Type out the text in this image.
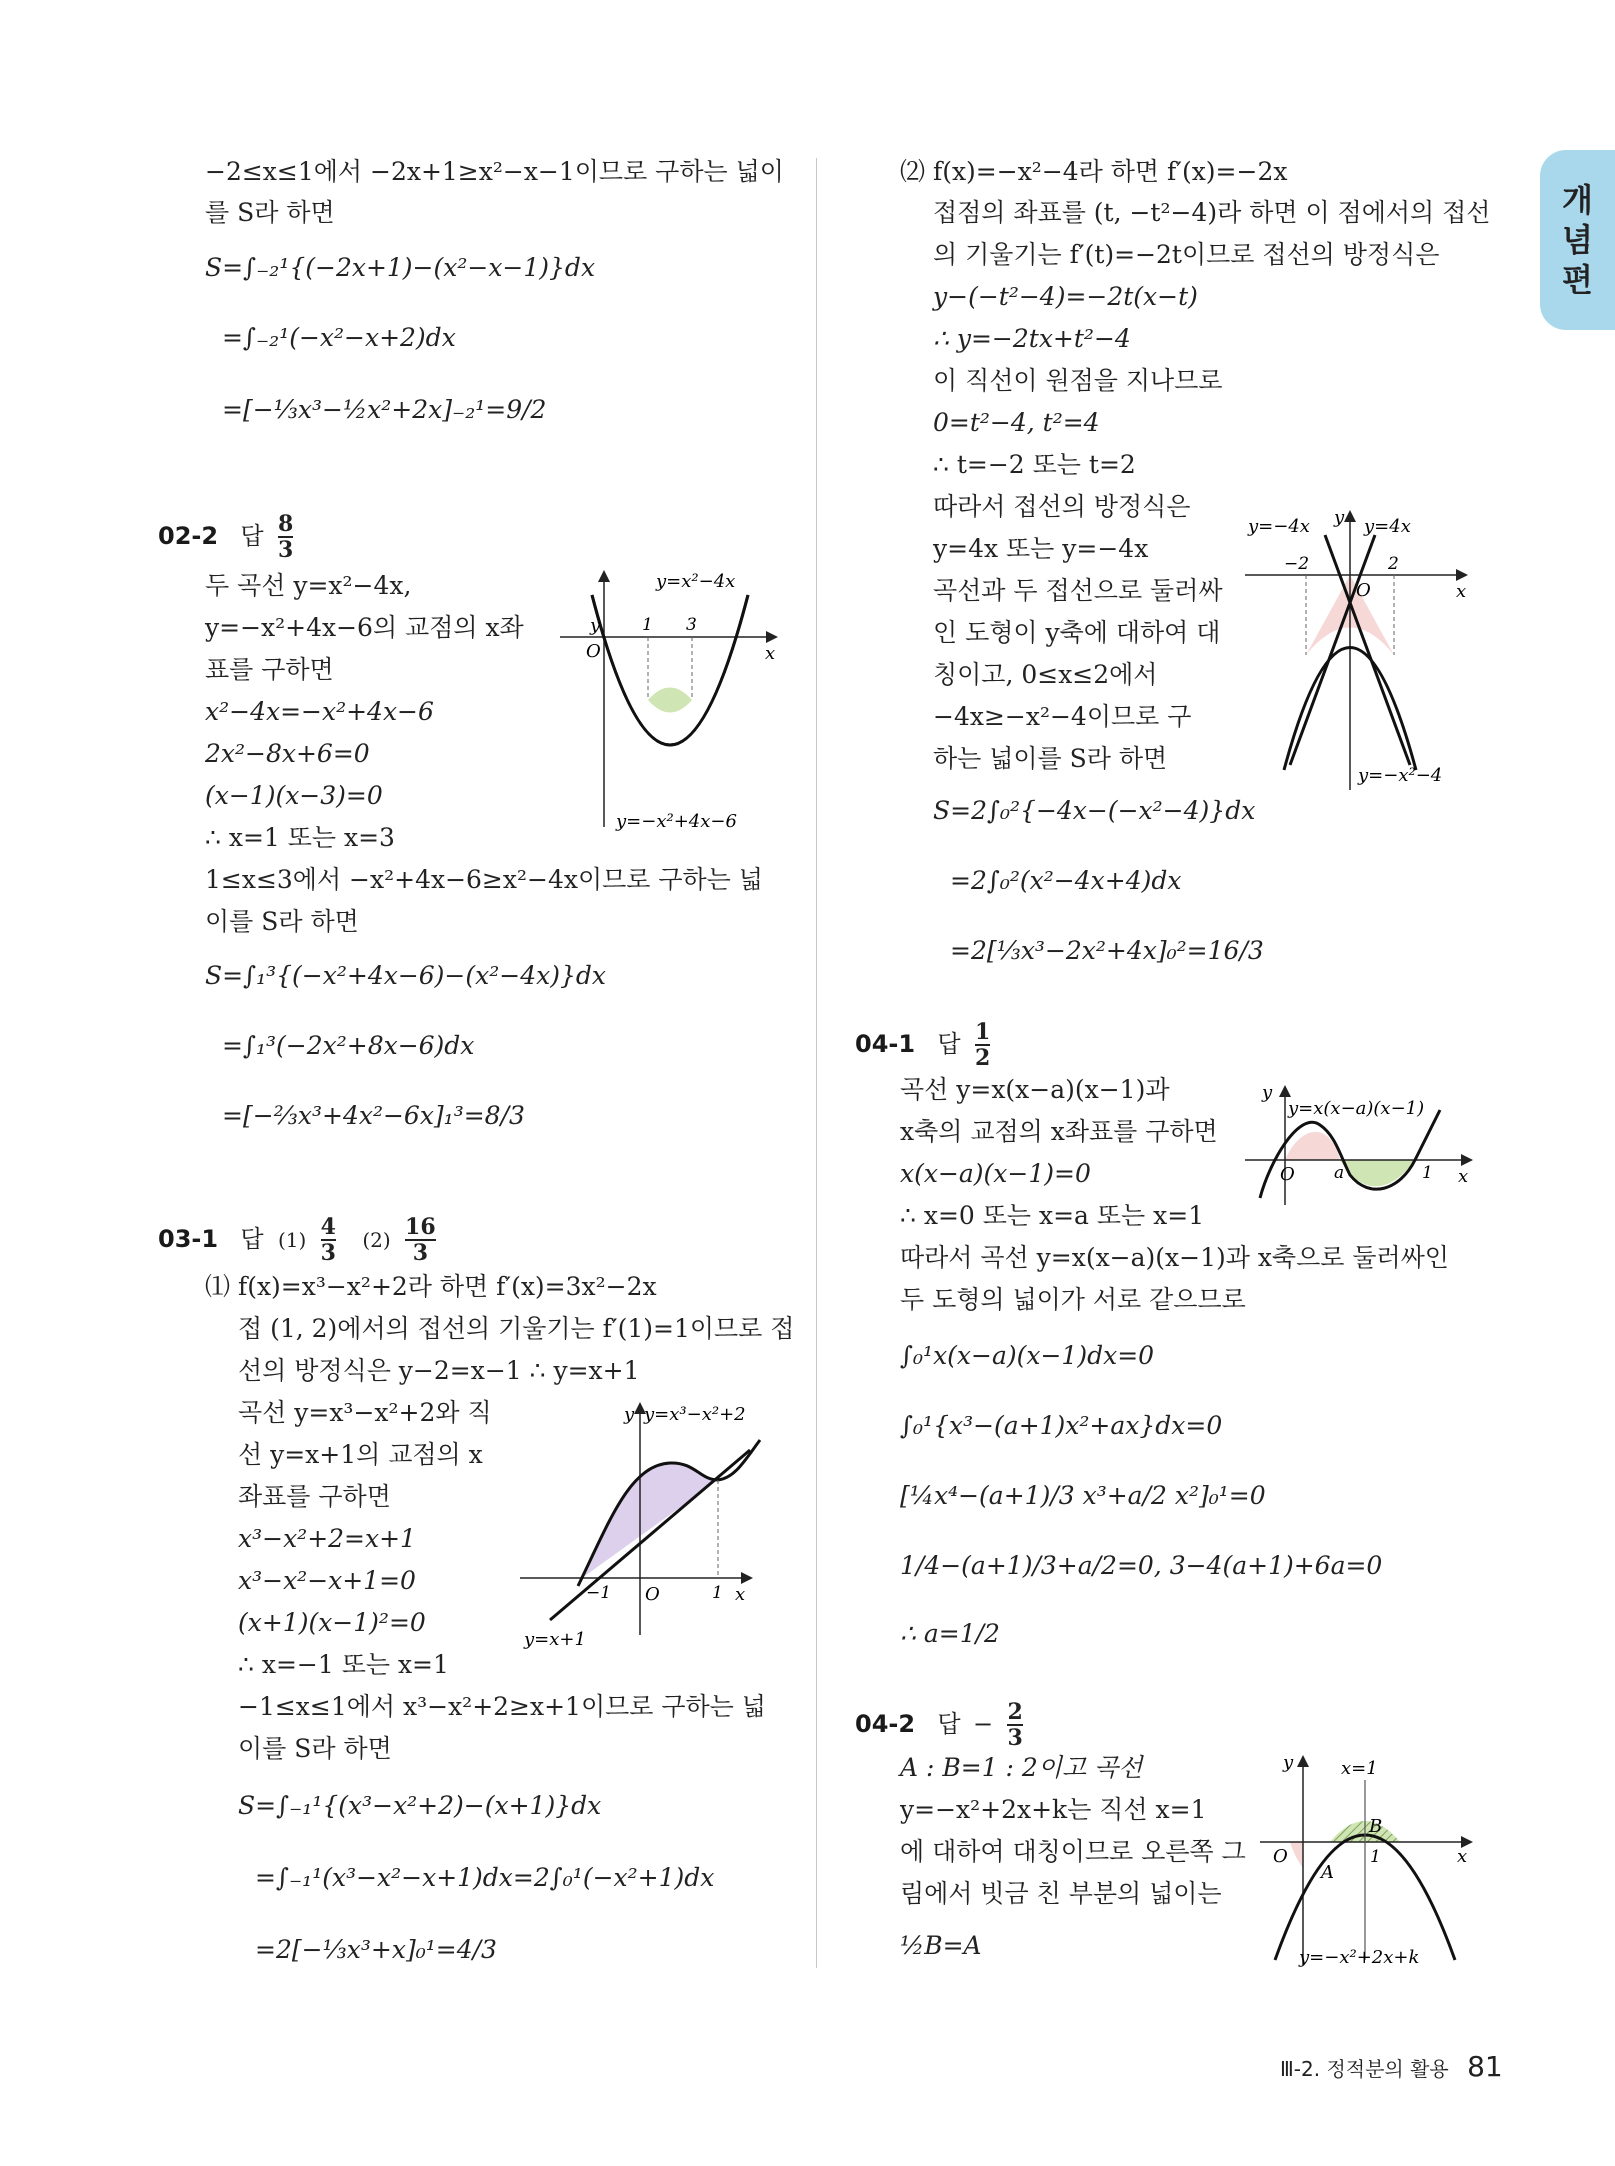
개
념
편
−2≤x≤1에서 −2x+1≥x²−x−1이므로 구하는 넓이
를 S라 하면
S=∫₋₂¹{(−2x+1)−(x²−x−1)}dx
=∫₋₂¹(−x²−x+2)dx
=[−⅓x³−½x²+2x]₋₂¹=9/2
02-2 답 $\frac{8}{3}$
두 곡선 y=x²−4x,
y=−x²+4x−6의 교점의 x좌
표를 구하면
x²−4x=−x²+4x−6
2x²−8x+6=0
(x−1)(x−3)=0
∴ x=1 또는 x=3
1≤x≤3에서 −x²+4x−6≥x²−4x이므로 구하는 넓
이를 S라 하면
S=∫₁³{(−x²+4x−6)−(x²−4x)}dx
=∫₁³(−2x²+8x−6)dx
=[−⅔x³+4x²−6x]₁³=8/3
y
x
O
1 3
y=x²−4x
y=−x²+4x−6
03-1 답 $(1) \frac{4}{3} (2) \frac{16}{3}$
⑴ f(x)=x³−x²+2라 하면 f′(x)=3x²−2x
접 (1, 2)에서의 접선의 기울기는 f′(1)=1이므로 접
선의 방정식은 y−2=x−1 ∴ y=x+1
곡선 y=x³−x²+2와 직
선 y=x+1의 교점의 x
좌표를 구하면
x³−x²+2=x+1
x³−x²−x+1=0
(x+1)(x−1)²=0
∴ x=−1 또는 x=1
−1≤x≤1에서 x³−x²+2≥x+1이므로 구하는 넓
이를 S라 하면
S=∫₋₁¹{(x³−x²+2)−(x+1)}dx
=∫₋₁¹(x³−x²−x+1)dx=2∫₀¹(−x²+1)dx
=2[−⅓x³+x]₀¹=4/3
y
x
O
−1	1
y=x³−x²+2
y=x+1
⑵ f(x)=−x²−4라 하면 f′(x)=−2x
접점의 좌표를 (t, −t²−4)라 하면 이 점에서의 접선
의 기울기는 f′(t)=−2t이므로 접선의 방정식은
y−(−t²−4)=−2t(x−t)
∴ y=−2tx+t²−4
이 직선이 원점을 지나므로
0=t²−4, t²=4
∴ t=−2 또는 t=2
따라서 접선의 방정식은
y=4x 또는 y=−4x
곡선과 두 접선으로 둘러싸
인 도형이 y축에 대하여 대
칭이고, 0≤x≤2에서
−4x≥−x²−4이므로 구
하는 넓이를 S라 하면
S=2∫₀²{−4x−(−x²−4)}dx
=2∫₀²(x²−4x+4)dx
=2[⅓x³−2x²+4x]₀²=16/3
y
x
O
−2	2
y=−4x	y=4x
y=−x²−4
04-1 답 $\frac{1}{2}$
곡선 y=x(x−a)(x−1)과
x축의 교점의 x좌표를 구하면
x(x−a)(x−1)=0
∴ x=0 또는 x=a 또는 x=1
따라서 곡선 y=x(x−a)(x−1)과 x축으로 둘러싸인
두 도형의 넓이가 서로 같으므로
∫₀¹x(x−a)(x−1)dx=0
∫₀¹{x³−(a+1)x²+ax}dx=0
[¼x⁴−(a+1)/3 x³+a/2 x²]₀¹=0
1/4−(a+1)/3+a/2=0, 3−4(a+1)+6a=0
∴ a=1/2
y
x
O a	1
y=x(x−a)(x−1)
04-2 답 − $\frac{2}{3}$
A : B=1 : 2이고 곡선
y=−x²+2x+k는 직선 x=1
에 대하여 대칭이므로 오른쪽 그
림에서 빗금 친 부분의 넓이는
½B=A
y
x
O	1
x=1
B
A
y=−x²+2x+k
Ⅲ-2. 정적분의 활용 81
